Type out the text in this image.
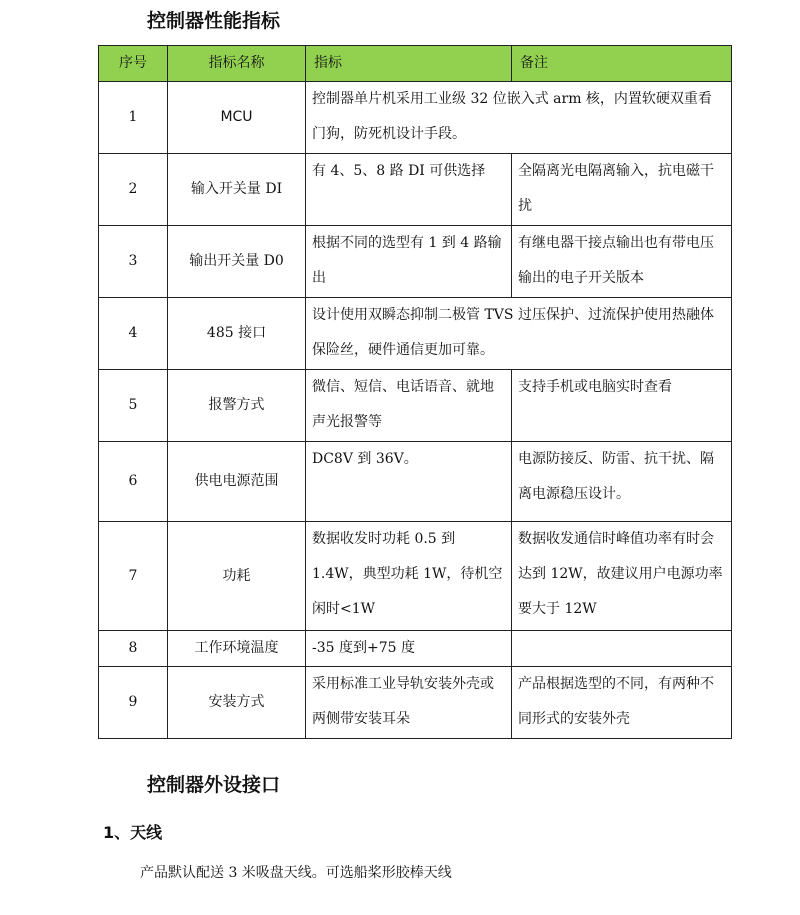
控制器性能指标
序号	指标名称	指标	备注
1	MCU	控制器单片机采用工业级 32 位嵌入式 arm 核，内置软硬双重看门狗，防死机设计手段。	
2	输入开关量 DI	有 4、5、8 路 DI 可供选择	全隔离光电隔离输入，抗电磁干扰
3	输出开关量 D0	根据不同的选型有 1 到 4 路输出	有继电器干接点输出也有带电压输出的电子开关版本
4	485 接口	设计使用双瞬态抑制二极管 TVS 过压保护、过流保护使用热融体保险丝，硬件通信更加可靠。	
5	报警方式	微信、短信、电话语音、就地声光报警等	支持手机或电脑实时查看
6	供电电源范围	DC8V 到 36V。	电源防接反、防雷、抗干扰、隔离电源稳压设计。
7	功耗	数据收发时功耗 0.5 到 1.4W，典型功耗 1W，待机空闲时<1W	数据收发通信时峰值功率有时会达到 12W，故建议用户电源功率要大于 12W
8	工作环境温度	-35 度到+75 度	
9	安装方式	采用标准工业导轨安装外壳或两侧带安装耳朵	产品根据选型的不同，有两种不同形式的安装外壳
控制器外设接口
1、天线

产品默认配送 3 米吸盘天线。可选船桨形胶棒天线
